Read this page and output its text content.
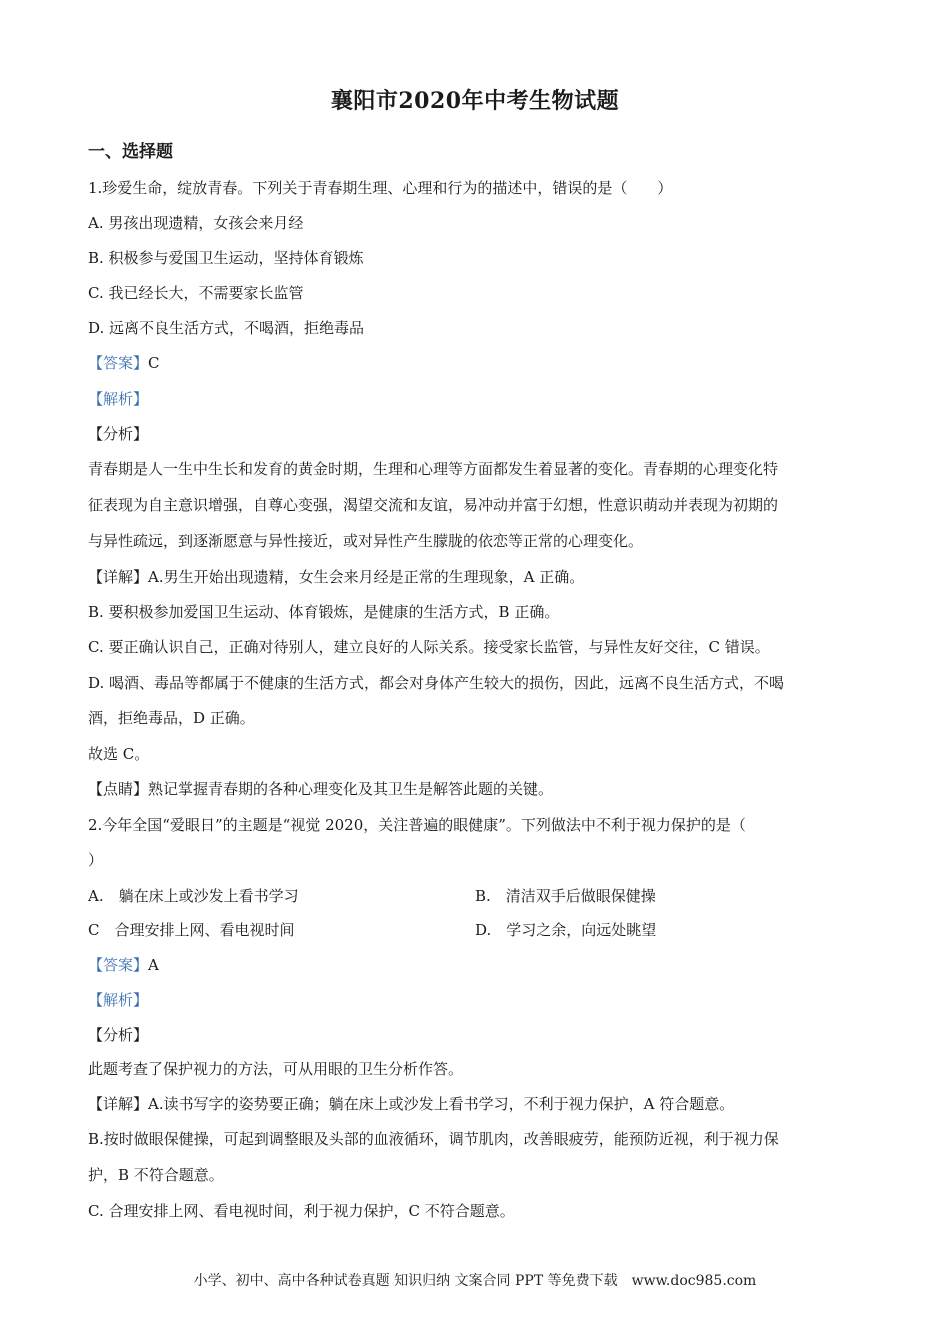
襄阳市2020年中考生物试题
一、选择题
1.珍爱生命，绽放青春。下列关于青春期生理、心理和行为的描述中，错误的是（　　）
A. 男孩出现遗精，女孩会来月经
B. 积极参与爱国卫生运动，坚持体育锻炼
C. 我已经长大，不需要家长监管
D. 远离不良生活方式，不喝酒，拒绝毒品
【答案】C
【解析】
【分析】
青春期是人一生中生长和发育的黄金时期，生理和心理等方面都发生着显著的变化。青春期的心理变化特
征表现为自主意识增强，自尊心变强，渴望交流和友谊，易冲动并富于幻想，性意识萌动并表现为初期的
与异性疏远，到逐渐愿意与异性接近，或对异性产生朦胧的依恋等正常的心理变化。
【详解】A.男生开始出现遗精，女生会来月经是正常的生理现象，A 正确。
B. 要积极参加爱国卫生运动、体育锻炼，是健康的生活方式，B 正确。
C. 要正确认识自己，正确对待别人，建立良好的人际关系。接受家长监管，与异性友好交往，C 错误。
D. 喝酒、毒品等都属于不健康的生活方式，都会对身体产生较大的损伤，因此，远离不良生活方式，不喝
酒，拒绝毒品，D 正确。
故选 C。
【点睛】熟记掌握青春期的各种心理变化及其卫生是解答此题的关键。
2.今年全国“爱眼日”的主题是“视觉 2020，关注普遍的眼健康”。下列做法中不利于视力保护的是（
）
A.　躺在床上或沙发上看书学习	B.　清洁双手后做眼保健操
C　合理安排上网、看电视时间	D.　学习之余，向远处眺望
【答案】A
【解析】
【分析】
此题考查了保护视力的方法，可从用眼的卫生分析作答。
【详解】A.读书写字的姿势要正确；躺在床上或沙发上看书学习，不利于视力保护，A 符合题意。
B.按时做眼保健操，可起到调整眼及头部的血液循环，调节肌肉，改善眼疲劳，能预防近视，利于视力保
护，B 不符合题意。
C. 合理安排上网、看电视时间，利于视力保护，C 不符合题意。
小学、初中、高中各种试卷真题 知识归纳 文案合同 PPT 等免费下载　www.doc985.com
